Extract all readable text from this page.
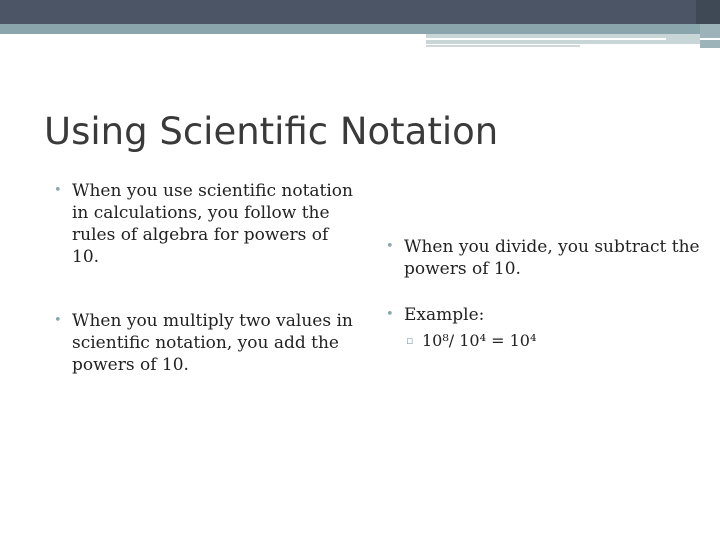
Using Scientific Notation
• When you use scientific notation in calculations, you follow the rules of algebra for powers of 10.
• When you multiply two values in scientific notation, you add the powers of 10.
• When you divide, you subtract the powers of 10.
• Example:
▫ 10⁸/ 10⁴ = 10⁴
